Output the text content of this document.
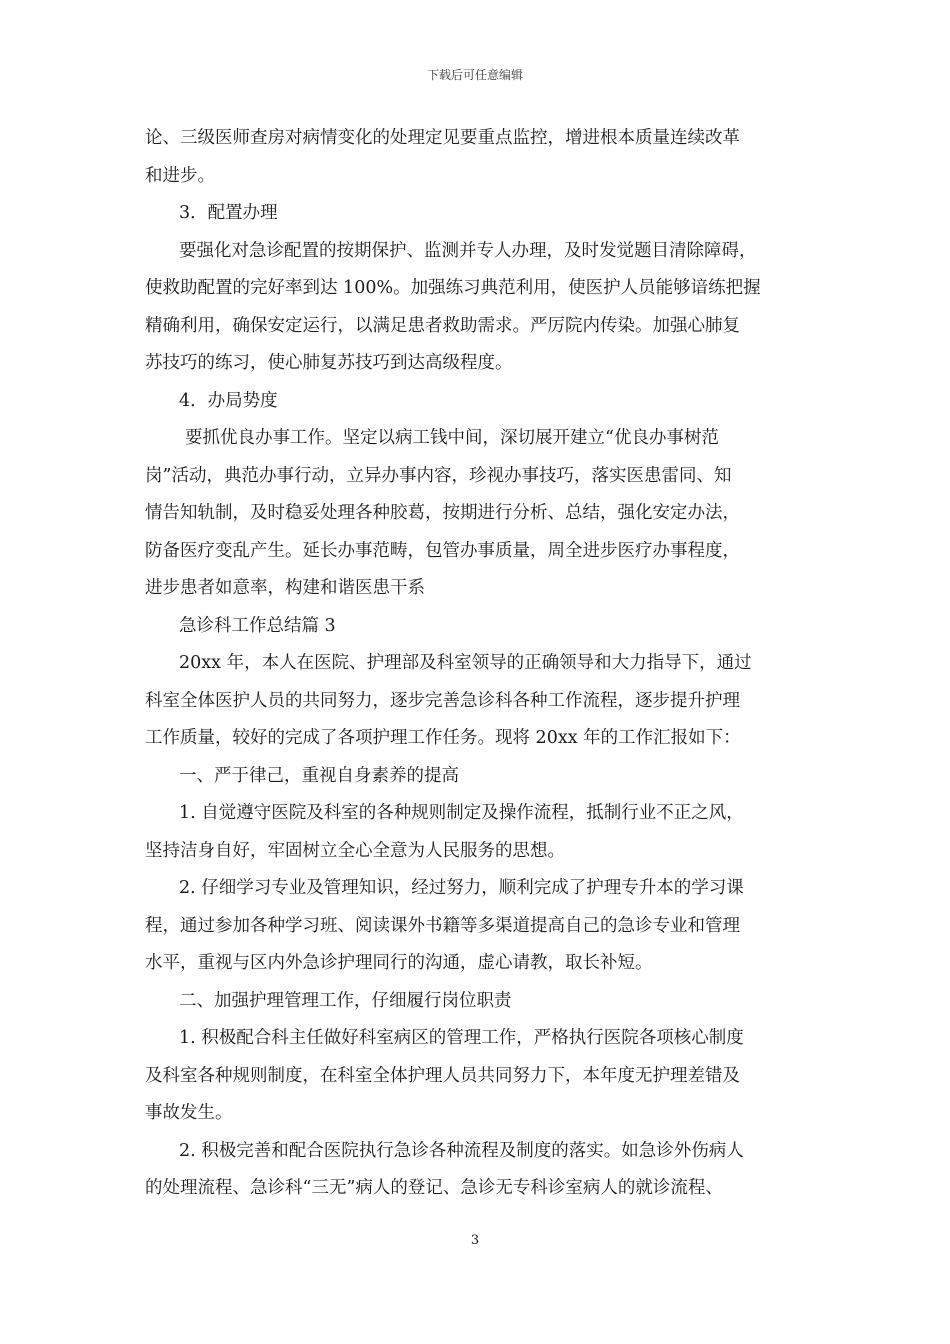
下载后可任意编辑

论、三级医师查房对病情变化的处理定见要重点监控，增进根本质量连续改革

和进步。

3．配置办理

要强化对急诊配置的按期保护、监测并专人办理，及时发觉题目清除障碍，

使救助配置的完好率到达 100%。加强练习典范利用，使医护人员能够谙练把握

精确利用，确保安定运行，以满足患者救助需求。严厉院内传染。加强心肺复

苏技巧的练习，使心肺复苏技巧到达高级程度。

4．办局势度

要抓优良办事工作。坚定以病工钱中间，深切展开建立“优良办事树范

岗”活动，典范办事行动，立异办事内容，珍视办事技巧，落实医患雷同、知

情告知轨制，及时稳妥处理各种胶葛，按期进行分析、总结，强化安定办法，

防备医疗变乱产生。延长办事范畴，包管办事质量，周全进步医疗办事程度，

进步患者如意率，构建和谐医患干系

急诊科工作总结篇 3

20xx 年，本人在医院、护理部及科室领导的正确领导和大力指导下，通过

科室全体医护人员的共同努力，逐步完善急诊科各种工作流程，逐步提升护理

工作质量，较好的完成了各项护理工作任务。现将 20xx 年的工作汇报如下：

一、严于律己，重视自身素养的提高

1. 自觉遵守医院及科室的各种规则制定及操作流程，抵制行业不正之风，

坚持洁身自好，牢固树立全心全意为人民服务的思想。

2. 仔细学习专业及管理知识，经过努力，顺利完成了护理专升本的学习课

程，通过参加各种学习班、阅读课外书籍等多渠道提高自己的急诊专业和管理

水平，重视与区内外急诊护理同行的沟通，虚心请教，取长补短。

二、加强护理管理工作，仔细履行岗位职责

1. 积极配合科主任做好科室病区的管理工作，严格执行医院各项核心制度

及科室各种规则制度，在科室全体护理人员共同努力下，本年度无护理差错及

事故发生。

2. 积极完善和配合医院执行急诊各种流程及制度的落实。如急诊外伤病人

的处理流程、急诊科“三无”病人的登记、急诊无专科诊室病人的就诊流程、

3
